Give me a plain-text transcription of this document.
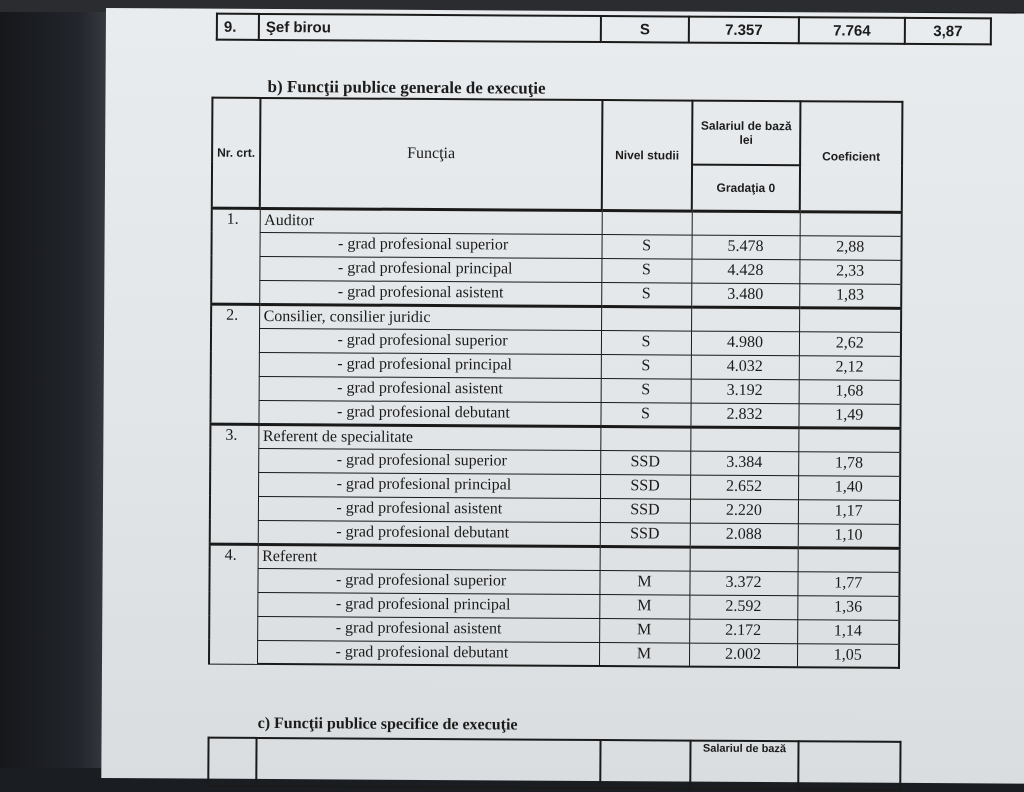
9.	Şef birou	S	7.357	7.764	3,87
b) Funcţii publice generale de execuţie
Nr. crt.	Funcţia	Nivel studii	Salariul de bază lei	Coeficient
			Gradaţia 0	
1.	Auditor			
	- grad profesional superior	S	5.478	2,88
	- grad profesional principal	S	4.428	2,33
	- grad profesional asistent	S	3.480	1,83
2.	Consilier, consilier juridic			
	- grad profesional superior	S	4.980	2,62
	- grad profesional principal	S	4.032	2,12
	- grad profesional asistent	S	3.192	1,68
	- grad profesional debutant	S	2.832	1,49
3.	Referent de specialitate			
	- grad profesional superior	SSD	3.384	1,78
	- grad profesional principal	SSD	2.652	1,40
	- grad profesional asistent	SSD	2.220	1,17
	- grad profesional debutant	SSD	2.088	1,10
4.	Referent			
	- grad profesional superior	M	3.372	1,77
	- grad profesional principal	M	2.592	1,36
	- grad profesional asistent	M	2.172	1,14
	- grad profesional debutant	M	2.002	1,05
c) Funcţii publice specifice de execuţie
			Salariul de bază	
